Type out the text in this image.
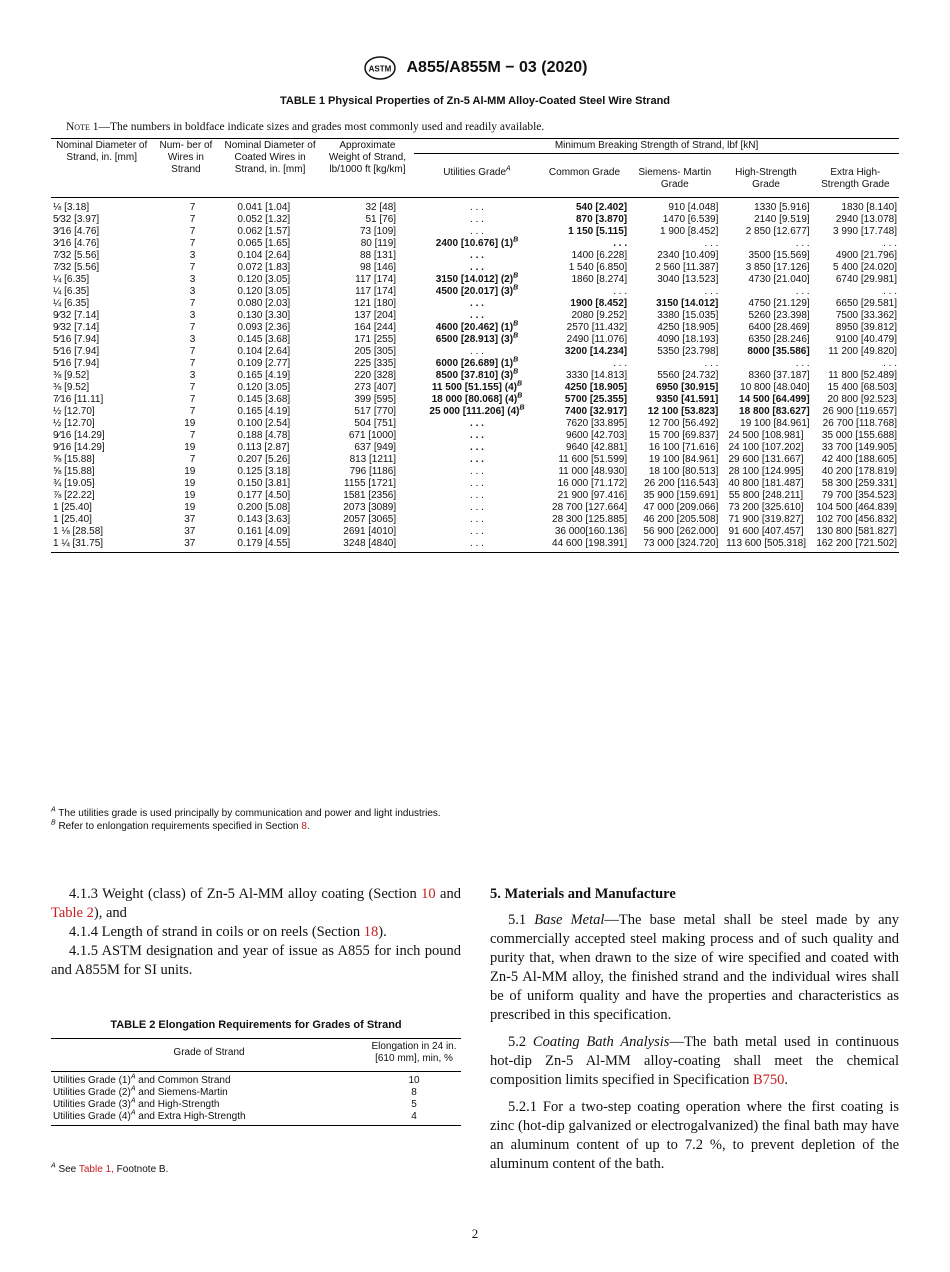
ASTM A855/A855M − 03 (2020)
TABLE 1 Physical Properties of Zn-5 Al-MM Alloy-Coated Steel Wire Strand
Note 1—The numbers in boldface indicate sizes and grades most commonly used and readily available.
Nominal Diameter of Strand, in. [mm]	Num- ber of Wires in Strand	Nominal Diameter of Coated Wires in Strand, in. [mm]	Approximate Weight of Strand, lb/1000 ft [kg/km]	Minimum Breaking Strength of Strand, lbf [kN]				

Utilities Grade$^A$	Common Grade	Siemens- Martin Grade	High-Strength Grade	Extra High- Strength Grade
⅛ [3.18]	7	0.041 [1.04]	32 [48]	. . .	540 [2.402]	910 [4.048]	1330 [5.916]	1830 [8.140]
5⁄32 [3.97]	7	0.052 [1.32]	51 [76]	. . .	870 [3.870]	1470 [6.539]	2140 [9.519]	2940 [13.078]
3⁄16 [4.76]	7	0.062 [1.57]	73 [109]	. . .	1 150 [5.115]	1 900 [8.452]	2 850 [12.677]	3 990 [17.748]
3⁄16 [4.76]	7	0.065 [1.65]	80 [119]	2400 [10.676] $(1)^B$	. . .	. . .	. . .	. . .
7⁄32 [5.56]	3	0.104 [2.64]	88 [131]	. . .	1400 [6.228]	2340 [10.409]	3500 [15.569]	4900 [21.796]
7⁄32 [5.56]	7	0.072 [1.83]	98 [146]	. . .	1 540 [6.850]	2 560 [11.387]	3 850 [17.126]	5 400 [24.020]
¼ [6.35]	3	0.120 [3.05]	117 [174]	3150 [14.012] $(2)^B$	1860 [8.274]	3040 [13.523]	4730 [21.040]	6740 [29.981]
¼ [6.35]	3	0.120 [3.05]	117 [174]	4500 [20.017] $(3)^B$	. . .	. . .	. . .	. . .
¼ [6.35]	7	0.080 [2.03]	121 [180]	. . .	1900 [8.452]	3150 [14.012]	4750 [21.129]	6650 [29.581]
9⁄32 [7.14]	3	0.130 [3.30]	137 [204]	. . .	2080 [9.252]	3380 [15.035]	5260 [23.398]	7500 [33.362]
9⁄32 [7.14]	7	0.093 [2.36]	164 [244]	4600 [20.462] $(1)^B$	2570 [11.432]	4250 [18.905]	6400 [28.469]	8950 [39.812]
5⁄16 [7.94]	3	0.145 [3.68]	171 [255]	6500 [28.913] $(3)^B$	2490 [11.076]	4090 [18.193]	6350 [28.246]	9100 [40.479]
5⁄16 [7.94]	7	0.104 [2.64]	205 [305]	. . .	3200 [14.234]	5350 [23.798]	8000 [35.586]	11 200 [49.820]
5⁄16 [7.94]	7	0.109 [2.77]	225 [335]	6000 [26.689] $(1)^B$	. . .	. . .	. . .	. . .
⅜ [9.52]	3	0.165 [4.19]	220 [328]	8500 [37.810] $(3)^B$	3330 [14.813]	5560 [24.732]	8360 [37.187]	11 800 [52.489]
⅜ [9.52]	7	0.120 [3.05]	273 [407]	11 500 [51.155] $(4)^B$	4250 [18.905]	6950 [30.915]	10 800 [48.040]	15 400 [68.503]
7⁄16 [11.11]	7	0.145 [3.68]	399 [595]	18 000 [80.068] $(4)^B$	5700 [25.355]	9350 [41.591]	14 500 [64.499]	20 800 [92.523]
½ [12.70]	7	0.165 [4.19]	517 [770]	25 000 [111.206] $(4)^B$	7400 [32.917]	12 100 [53.823]	18 800 [83.627]	26 900 [119.657]
½ [12.70]	19	0.100 [2.54]	504 [751]	. . .	7620 [33.895]	12 700 [56.492]	19 100 [84.961]	26 700 [118.768]
9⁄16 [14.29]	7	0.188 [4.78]	671 [1000]	. . .	9600 [42.703]	15 700 [69.837]	24 500 [108.981]	35 000 [155.688]
9⁄16 [14.29]	19	0.113 [2.87]	637 [949]	. . .	9640 [42.881]	16 100 [71.616]	24 100 [107.202]	33 700 [149.905]
⅝ [15.88]	7	0.207 [5.26]	813 [1211]	. . .	11 600 [51.599]	19 100 [84.961]	29 600 [131.667]	42 400 [188.605]
⅝ [15.88]	19	0.125 [3.18]	796 [1186]	. . .	11 000 [48.930]	18 100 [80.513]	28 100 [124.995]	40 200 [178.819]
¾ [19.05]	19	0.150 [3.81]	1155 [1721]	. . .	16 000 [71.172]	26 200 [116.543]	40 800 [181.487]	58 300 [259.331]
⅞ [22.22]	19	0.177 [4.50]	1581 [2356]	. . .	21 900 [97.416]	35 900 [159.691]	55 800 [248.211]	79 700 [354.523]
1 [25.40]	19	0.200 [5.08]	2073 [3089]	. . .	28 700 [127.664]	47 000 [209.066]	73 200 [325.610]	104 500 [464.839]
1 [25.40]	37	0.143 [3.63]	2057 [3065]	. . .	28 300 [125.885]	46 200 [205.508]	71 900 [319.827]	102 700 [456.832]
1 ⅛ [28.58]	37	0.161 [4.09]	2691 [4010]	. . .	36 000[160.136]	56 900 [262.000]	91 600 [407.457]	130 800 [581.827]
1 ¼ [31.75]	37	0.179 [4.55]	3248 [4840]	. . .	44 600 [198.391]	73 000 [324.720]	113 600 [505.318]	162 200 [721.502]
$^A$ The utilities grade is used principally by communication and power and light industries.
$^B$ Refer to enlongation requirements specified in Section 8.

4.1.3 Weight (class) of Zn-5 Al-MM alloy coating (Section 10 and Table 2), and

4.1.4 Length of strand in coils or on reels (Section 18).

4.1.5 ASTM designation and year of issue as A855 for inch pound and A855M for SI units.

TABLE 2 Elongation Requirements for Grades of Strand
Grade of Strand	Elongation in 24 in. [610 mm], min, %
Utilities Grade $(1)^A$ and Common Strand	10
Utilities Grade $(2)^A$ and Siemens-Martin	8
Utilities Grade $(3)^A$ and High-Strength	5
Utilities Grade $(4)^A$ and Extra High-Strength	4
$^A$ See Table 1, Footnote B.
5. Materials and Manufacture

5.1 Base Metal—The base metal shall be steel made by any commercially accepted steel making process and of such quality and purity that, when drawn to the size of wire specified and coated with Zn-5 Al-MM alloy, the finished strand and the individual wires shall be of uniform quality and have the properties and characteristics as prescribed in this specification.

5.2 Coating Bath Analysis—The bath metal used in continuous hot-dip Zn-5 Al-MM alloy-coating shall meet the chemical composition limits specified in Specification B750.

5.2.1 For a two-step coating operation where the first coating is zinc (hot-dip galvanized or electrogalvanized) the final bath may have an aluminum content of up to 7.2 %, to prevent depletion of the aluminum content of the bath.

2
